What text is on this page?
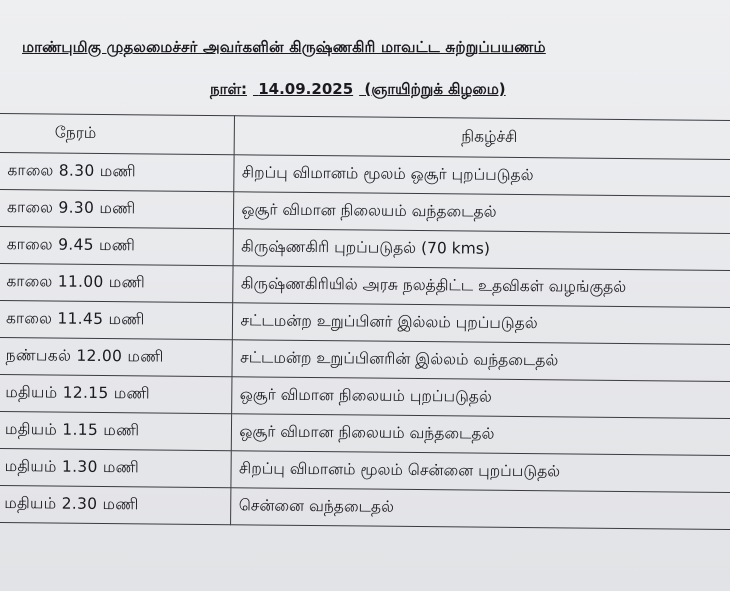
மாண்புமிகு முதலமைச்சர் அவர்களின் கிருஷ்ணகிரி மாவட்ட சுற்றுப்பயணம்
நாள்: 14.09.2025 (ஞாயிற்றுக் கிழமை)
நேரம்	நிகழ்ச்சி
காலை 8.30 மணி	சிறப்பு விமானம் மூலம் ஒசூர் புறப்படுதல்
காலை 9.30 மணி	ஒசூர் விமான நிலையம் வந்தடைதல்
காலை 9.45 மணி	கிருஷ்ணகிரி புறப்படுதல் (70 kms)
காலை 11.00 மணி	கிருஷ்ணகிரியில் அரசு நலத்திட்ட உதவிகள் வழங்குதல்
காலை 11.45 மணி	சட்டமன்ற உறுப்பினர் இல்லம் புறப்படுதல்
நண்பகல் 12.00 மணி	சட்டமன்ற உறுப்பினரின் இல்லம் வந்தடைதல்
மதியம் 12.15 மணி	ஒசூர் விமான நிலையம் புறப்படுதல்
மதியம் 1.15 மணி	ஒசூர் விமான நிலையம் வந்தடைதல்
மதியம் 1.30 மணி	சிறப்பு விமானம் மூலம் சென்னை புறப்படுதல்
மதியம் 2.30 மணி	சென்னை வந்தடைதல்
